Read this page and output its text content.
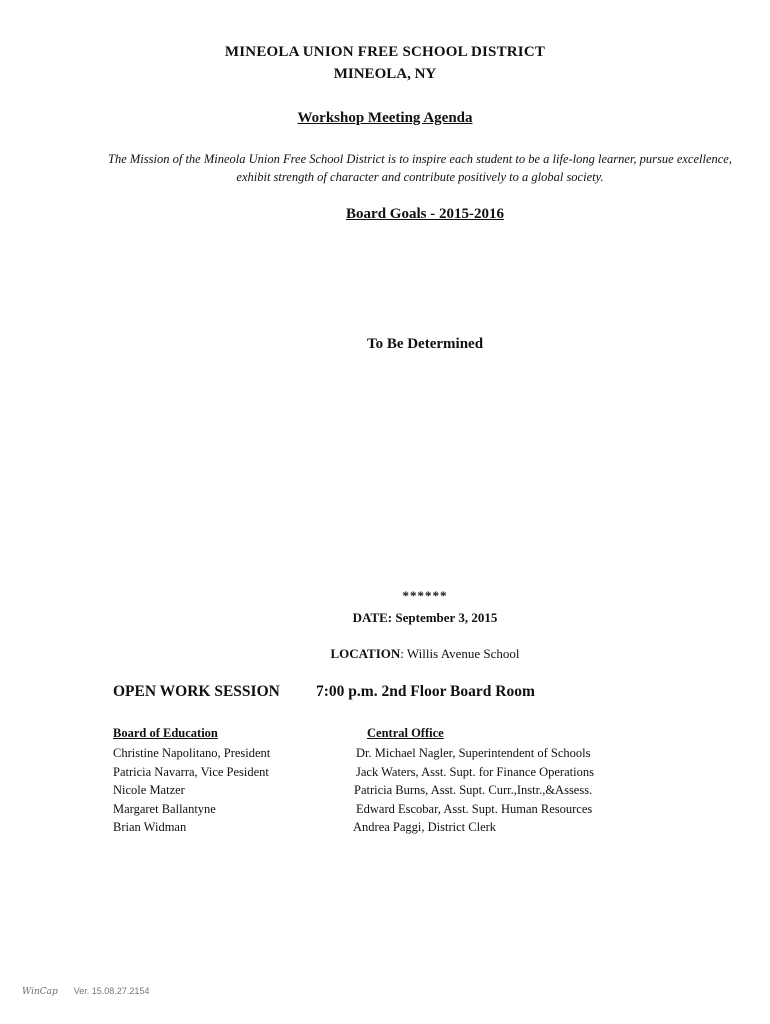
MINEOLA UNION FREE SCHOOL DISTRICT
MINEOLA, NY
Workshop Meeting Agenda
The Mission of the Mineola Union Free School District is to inspire each student to be a life-long learner, pursue excellence, exhibit strength of character and contribute positively to a global society.
Board Goals - 2015-2016
To Be Determined
******
DATE: September 3, 2015
LOCATION: Willis Avenue School
OPEN WORK SESSION 7:00 p.m. 2nd Floor Board Room
Board of Education
Christine Napolitano, President
Patricia Navarra, Vice Pesident
Nicole Matzer
Margaret Ballantyne
Brian Widman
Central Office
Dr. Michael Nagler, Superintendent of Schools
Jack Waters, Asst. Supt. for Finance Operations
Patricia Burns, Asst. Supt. Curr.,Instr.,&Assess.
Edward Escobar, Asst. Supt. Human Resources
Andrea Paggi, District Clerk
WinCap Ver. 15.08.27.2154
